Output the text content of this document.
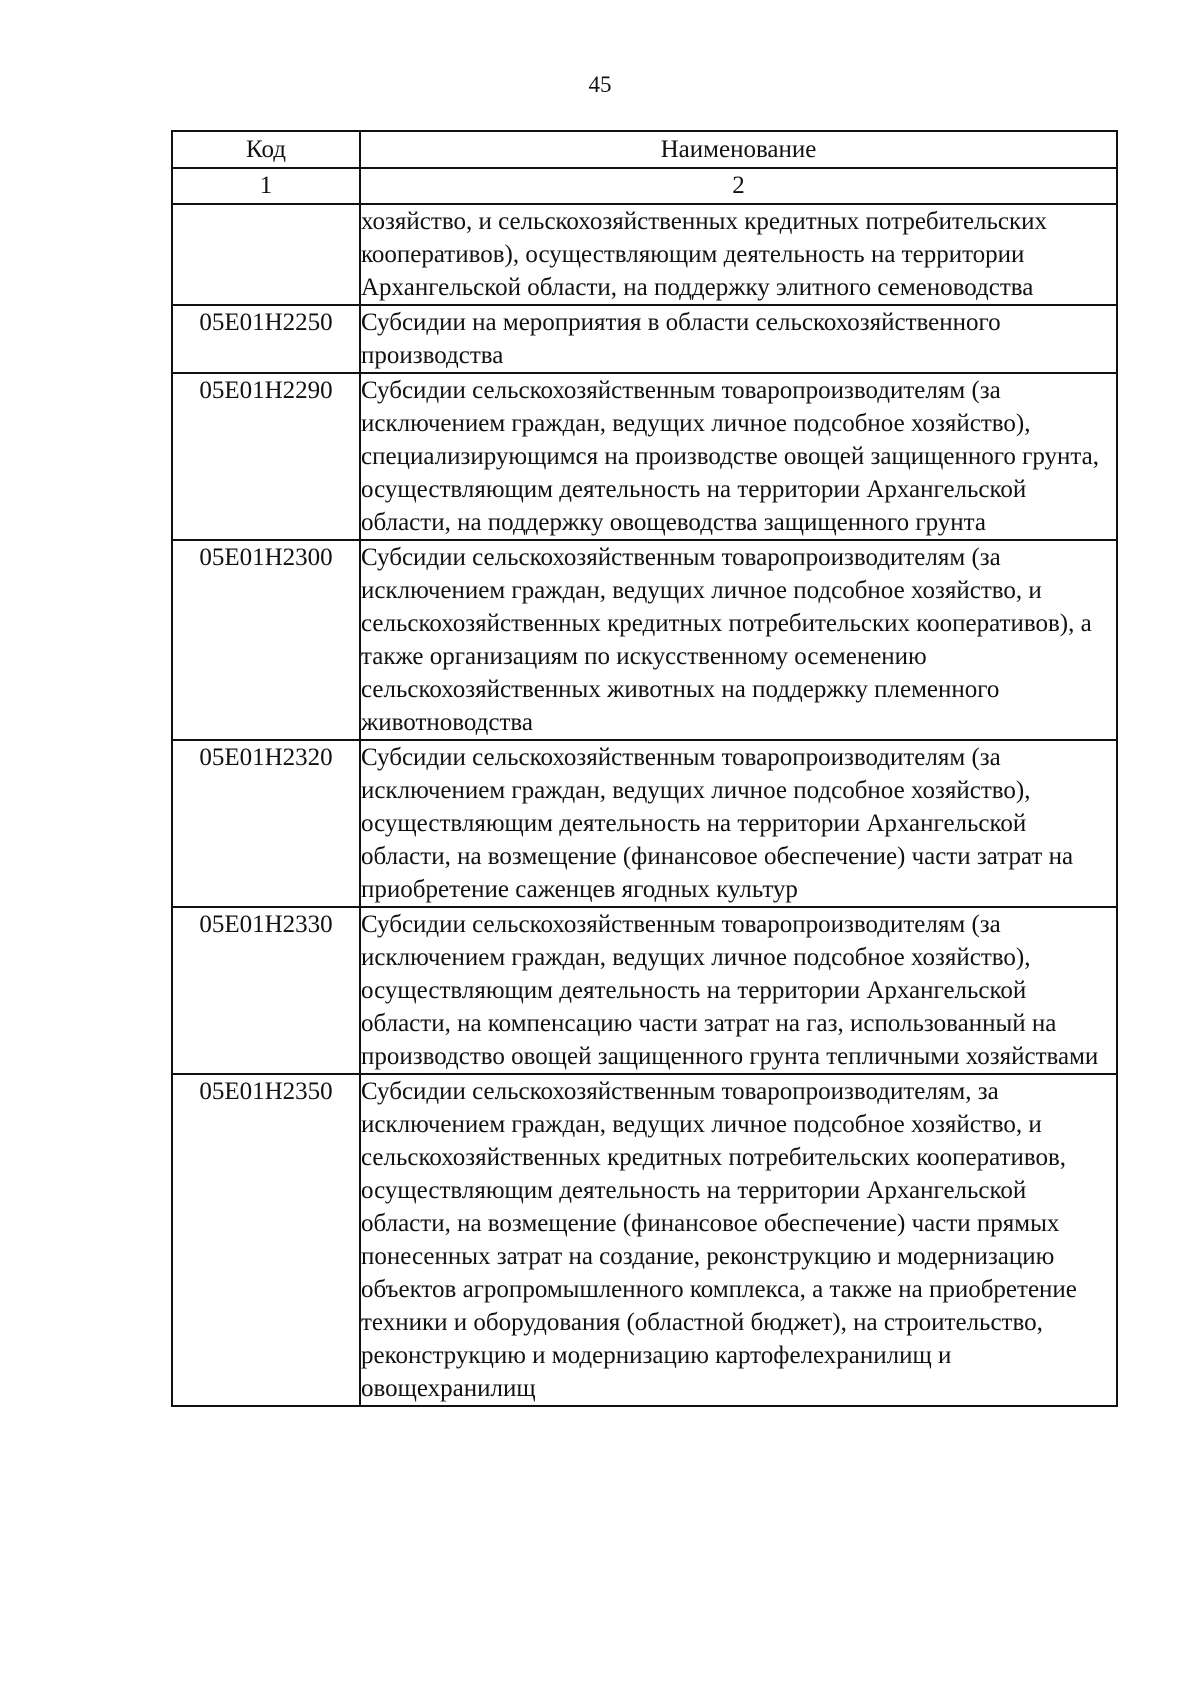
45
Код	Наименование
1	2
	хозяйство, и сельскохозяйственных кредитных потребительских кооперативов), осуществляющим деятельность на территории Архангельской области, на поддержку элитного семеноводства
05Е01Н2250	Субсидии на мероприятия в области сельскохозяйственного производства
05Е01Н2290	Субсидии сельскохозяйственным товаропроизводителям (за исключением граждан, ведущих личное подсобное хозяйство), специализирующимся на производстве овощей защищенного грунта, осуществляющим деятельность на территории Архангельской области, на поддержку овощеводства защищенного грунта
05Е01Н2300	Субсидии сельскохозяйственным товаропроизводителям (за исключением граждан, ведущих личное подсобное хозяйство, и сельскохозяйственных кредитных потребительских кооперативов), а также организациям по искусственному осеменению сельскохозяйственных животных на поддержку племенного животноводства
05Е01Н2320	Субсидии сельскохозяйственным товаропроизводителям (за исключением граждан, ведущих личное подсобное хозяйство), осуществляющим деятельность на территории Архангельской области, на возмещение (финансовое обеспечение) части затрат на приобретение саженцев ягодных культур
05Е01Н2330	Субсидии сельскохозяйственным товаропроизводителям (за исключением граждан, ведущих личное подсобное хозяйство), осуществляющим деятельность на территории Архангельской области, на компенсацию части затрат на газ, использованный на производство овощей защищенного грунта тепличными хозяйствами
05Е01Н2350	Субсидии сельскохозяйственным товаропроизводителям, за исключением граждан, ведущих личное подсобное хозяйство, и сельскохозяйственных кредитных потребительских кооперативов, осуществляющим деятельность на территории Архангельской области, на возмещение (финансовое обеспечение) части прямых понесенных затрат на создание, реконструкцию и модернизацию объектов агропромышленного комплекса, а также на приобретение техники и оборудования (областной бюджет), на строительство, реконструкцию и модернизацию картофелехранилищ и овощехранилищ
